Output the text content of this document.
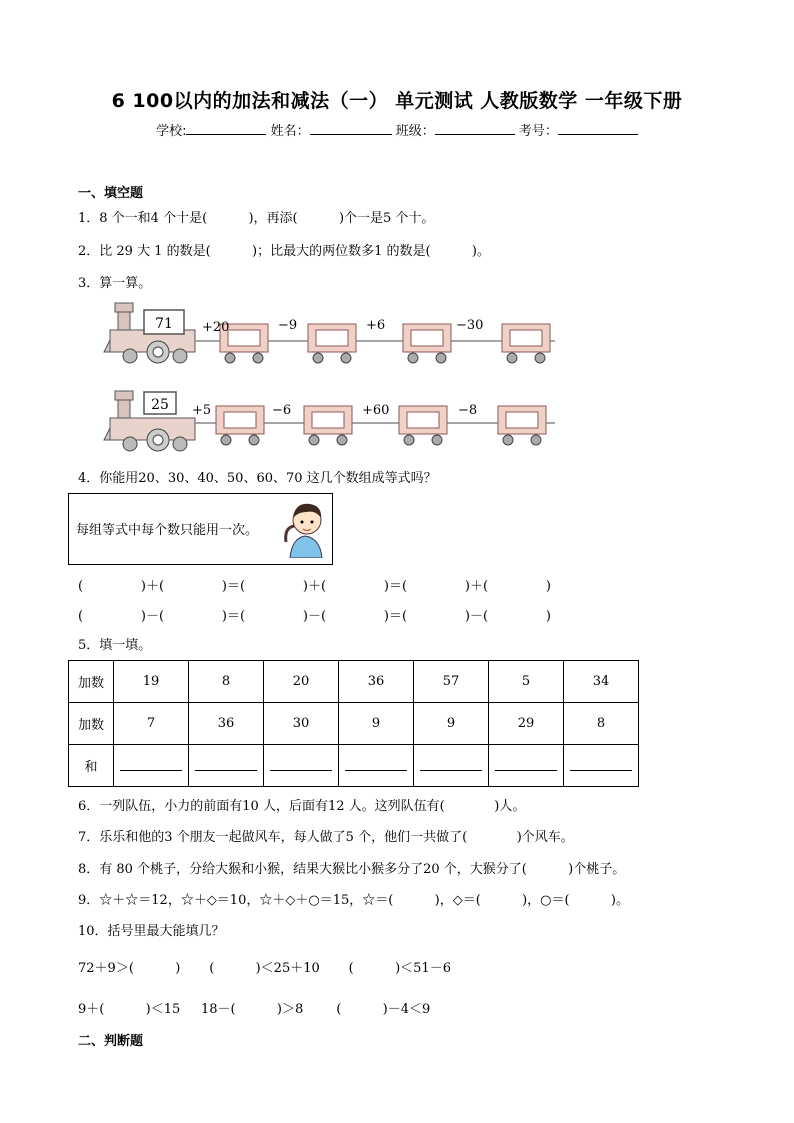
6 100以内的加法和减法（一） 单元测试 人教版数学 一年级下册
学校:	姓名：	班级：	考号：
一、填空题
1．8 个一和4 个十是(          )，再添(          )个一是5 个十。
2．比 29 大 1 的数是(          )；比最大的两位数多1 的数是(          )。
3．算一算。
71 +20	−9	+6	−30
25 +5	−6	+60	−8
4．你能用20、30、40、50、60、70 这几个数组成等式吗？
每组等式中每个数只能用一次。
(              )＋(              )＝(              )＋(              )＝(              )＋(              )
(              )－(              )＝(              )－(              )＝(              )－(              )
5．填一填。
加数	19	8	20	36	57	5	34
加数	7	36	30	9	9	29	8
和							
6．一列队伍，小力的前面有10 人，后面有12 人。这列队伍有(            )人。
7．乐乐和他的3 个朋友一起做风车，每人做了5 个，他们一共做了(            )个风车。
8．有 80 个桃子，分给大猴和小猴，结果大猴比小猴多分了20 个，大猴分了(          )个桃子。
9．☆＋☆＝12，☆＋◇＝10，☆＋◇＋○＝15，☆＝(          )，◇＝(          )，○＝(          )。
10．括号里最大能填几？
72＋9＞(          )       (          )＜25＋10       (          )＜51－6
9＋(          )＜15     18－(          )＞8        (          )－4＜9
二、判断题
